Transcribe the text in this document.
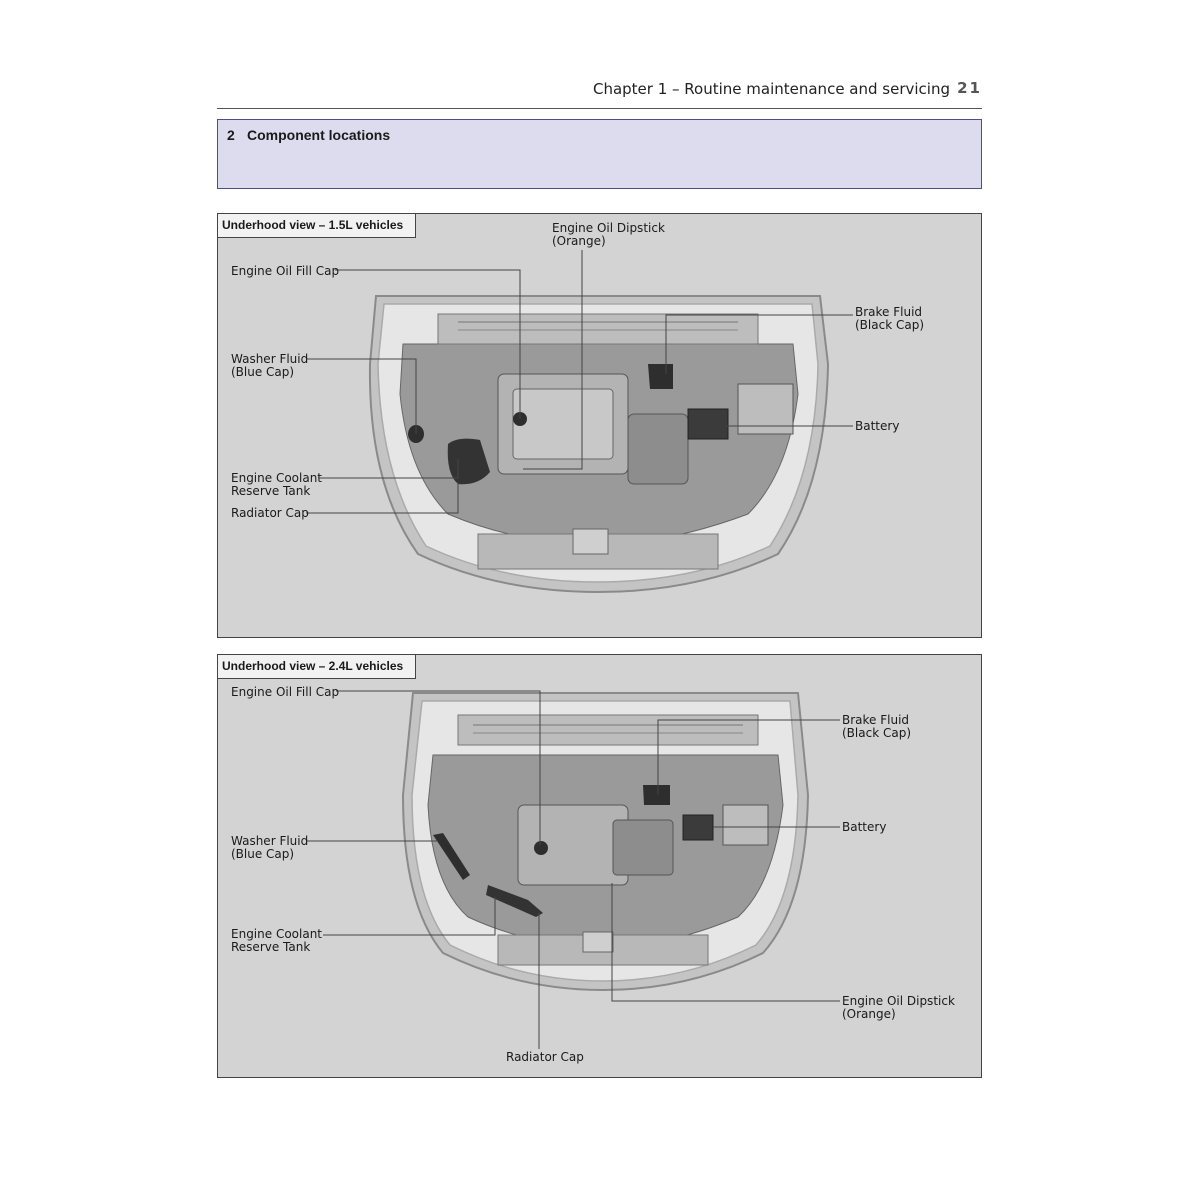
Chapter 1 – Routine maintenance and servicing 21
2 Component locations
Underhood view – 1.5L vehicles	Engine Oil Dipstick
(Orange)
Engine Oil Fill Cap
Brake Fluid
(Black Cap)
Washer Fluid
(Blue Cap)
Battery
Engine Coolant
Reserve Tank
Radiator Cap
Underhood view – 2.4L vehicles
Engine Oil Fill Cap
Brake Fluid
(Black Cap)
Battery
Washer Fluid
(Blue Cap)
Engine Coolant
Reserve Tank
Engine Oil Dipstick
(Orange)
Radiator Cap
